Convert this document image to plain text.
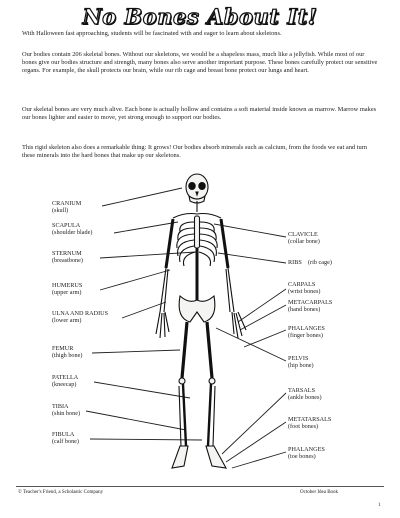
No Bones About It!

With Halloween fast approaching, students will be fascinated with and eager to learn about skeletons.

Our bodies contain 206 skeletal bones. Without our skeletons, we would be a shapeless mass, much like a jellyfish. While most of our bones give our bodies structure and strength, many bones also serve another important purpose. These bones carefully protect our sensitive organs. For example, the skull protects our brain, while our rib cage and breast bone protect our lungs and heart.

Our skeletal bones are very much alive. Each bone is actually hollow and contains a soft material inside known as marrow. Marrow makes our bones lighter and easier to move, yet strong enough to support our bodies.

This rigid skeleton also does a remarkable thing: It grows! Our bodies absorb minerals such as calcium, from the foods we eat and turn these minerals into the hard bones that make up our skeletons.

CRANIUM
(skull)
SCAPULA
(shoulder blade)
STERNUM
(breastbone)
HUMERUS
(upper arm)
ULNA AND RADIUS
(lower arm)
FEMUR
(thigh bone)
PATELLA
(kneecap)
TIBIA
(shin bone)
FIBULA
(calf bone)
CLAVICLE
(collar bone)
RIBS (rib cage)
CARPALS
(wrist bones)
METACARPALS
(hand bones)
PHALANGES
(finger bones)
PELVIS
(hip bone)
TARSALS
(ankle bones)
METATARSALS
(foot bones)
PHALANGES
(toe bones)
© Teacher's Friend, a Scholastic Company	October Idea Book
1
